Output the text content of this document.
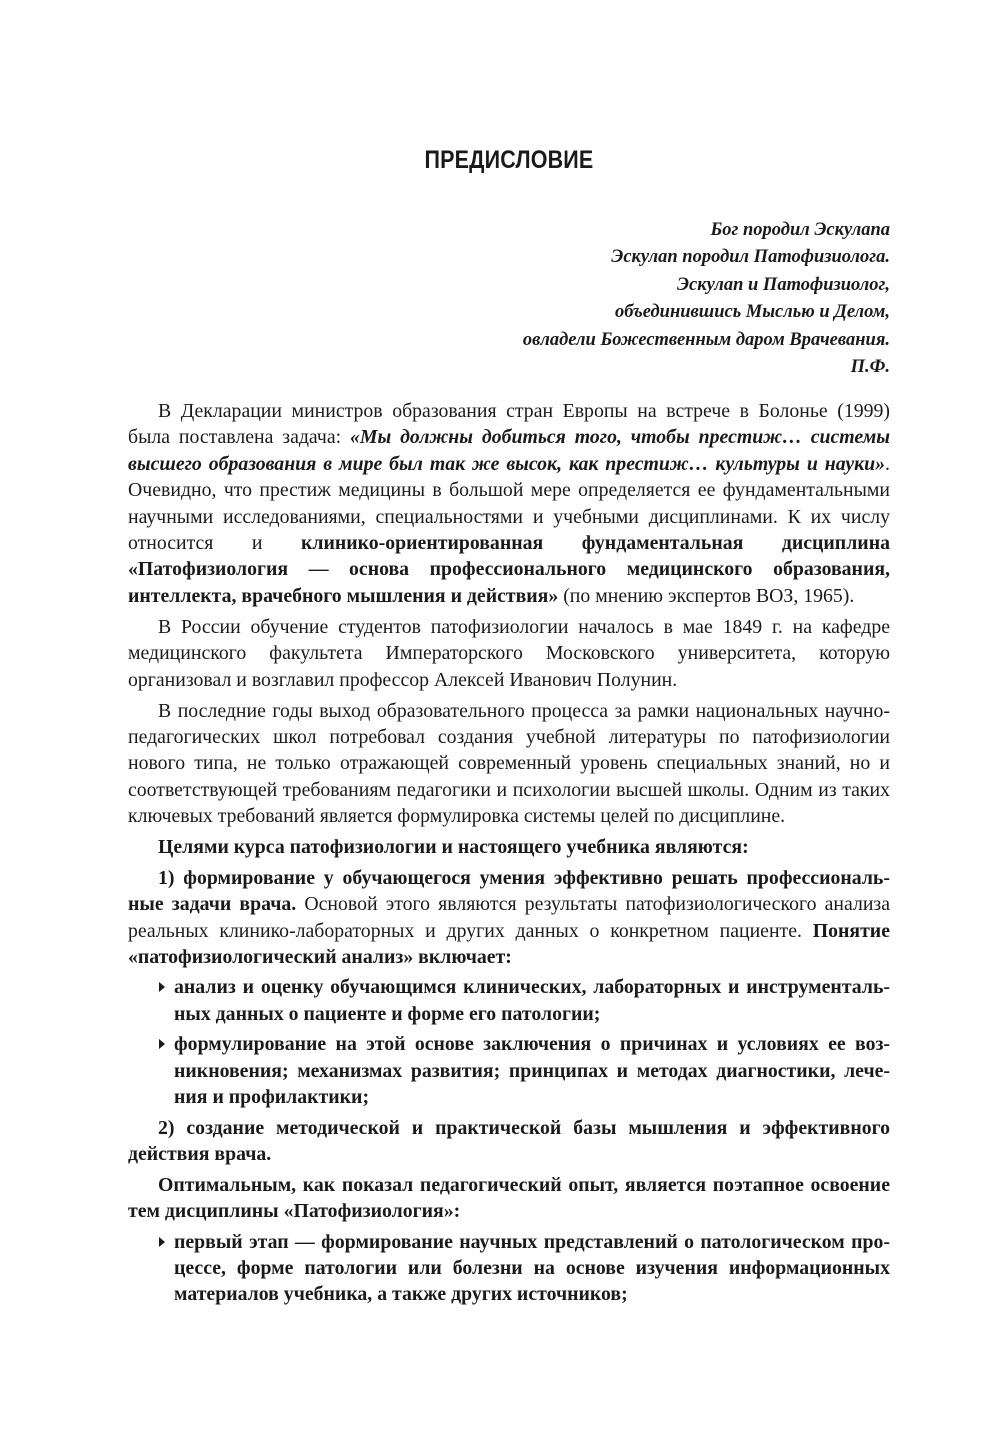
ПРЕДИСЛОВИЕ
Бог породил Эскулапа
Эскулап породил Патофизиолога.
Эскулап и Патофизиолог,
объединившись Мыслью и Делом,
овладели Божественным даром Врачевания.
П.Ф.

В Декларации министров образования стран Европы на встрече в Болонье (1999) была поставлена задача: «Мы должны добиться того, чтобы престиж… системы высшего образования в мире был так же высок, как престиж… культуры и науки». Очевидно, что престиж медицины в большой мере определяется ее фундаментальными научными исследованиями, специальностями и учебными дисциплинами. К их числу относится и клинико-ориентированная фундаментальная дисциплина «Патофизиология — основа профессионального медицинского образования, интеллекта, врачебного мышления и действия» (по мнению экспертов ВОЗ, 1965).

В России обучение студентов патофизиологии началось в мае 1849 г. на кафедре медицинского факультета Императорского Московского университета, которую организовал и возглавил профессор Алексей Иванович Полунин.

В последние годы выход образовательного процесса за рамки национальных научно-педагогических школ потребовал создания учебной литературы по патофизиологии нового типа, не только отражающей современный уровень специальных знаний, но и соответствующей требованиям педагогики и психологии высшей школы. Одним из таких ключевых требований является формулировка системы целей по дисциплине.

Целями курса патофизиологии и настоящего учебника являются:

1) формирование у обучающегося умения эффективно решать профессиональные задачи врача. Основой этого являются результаты патофизиологического анализа реальных клинико-лабораторных и других данных о конкретном пациенте. Понятие «патофизиологический анализ» включает:

анализ и оценку обучающимся клинических, лабораторных и инструментальных данных о пациенте и форме его патологии;
формулирование на этой основе заключения о причинах и условиях ее возникновения; механизмах развития; принципах и методах диагностики, лечения и профилактики;

2) создание методической и практической базы мышления и эффективного действия врача.

Оптимальным, как показал педагогический опыт, является поэтапное освоение тем дисциплины «Патофизиология»:

первый этап — формирование научных представлений о патологическом процессе, форме патологии или болезни на основе изучения информационных материалов учебника, а также других источников;
